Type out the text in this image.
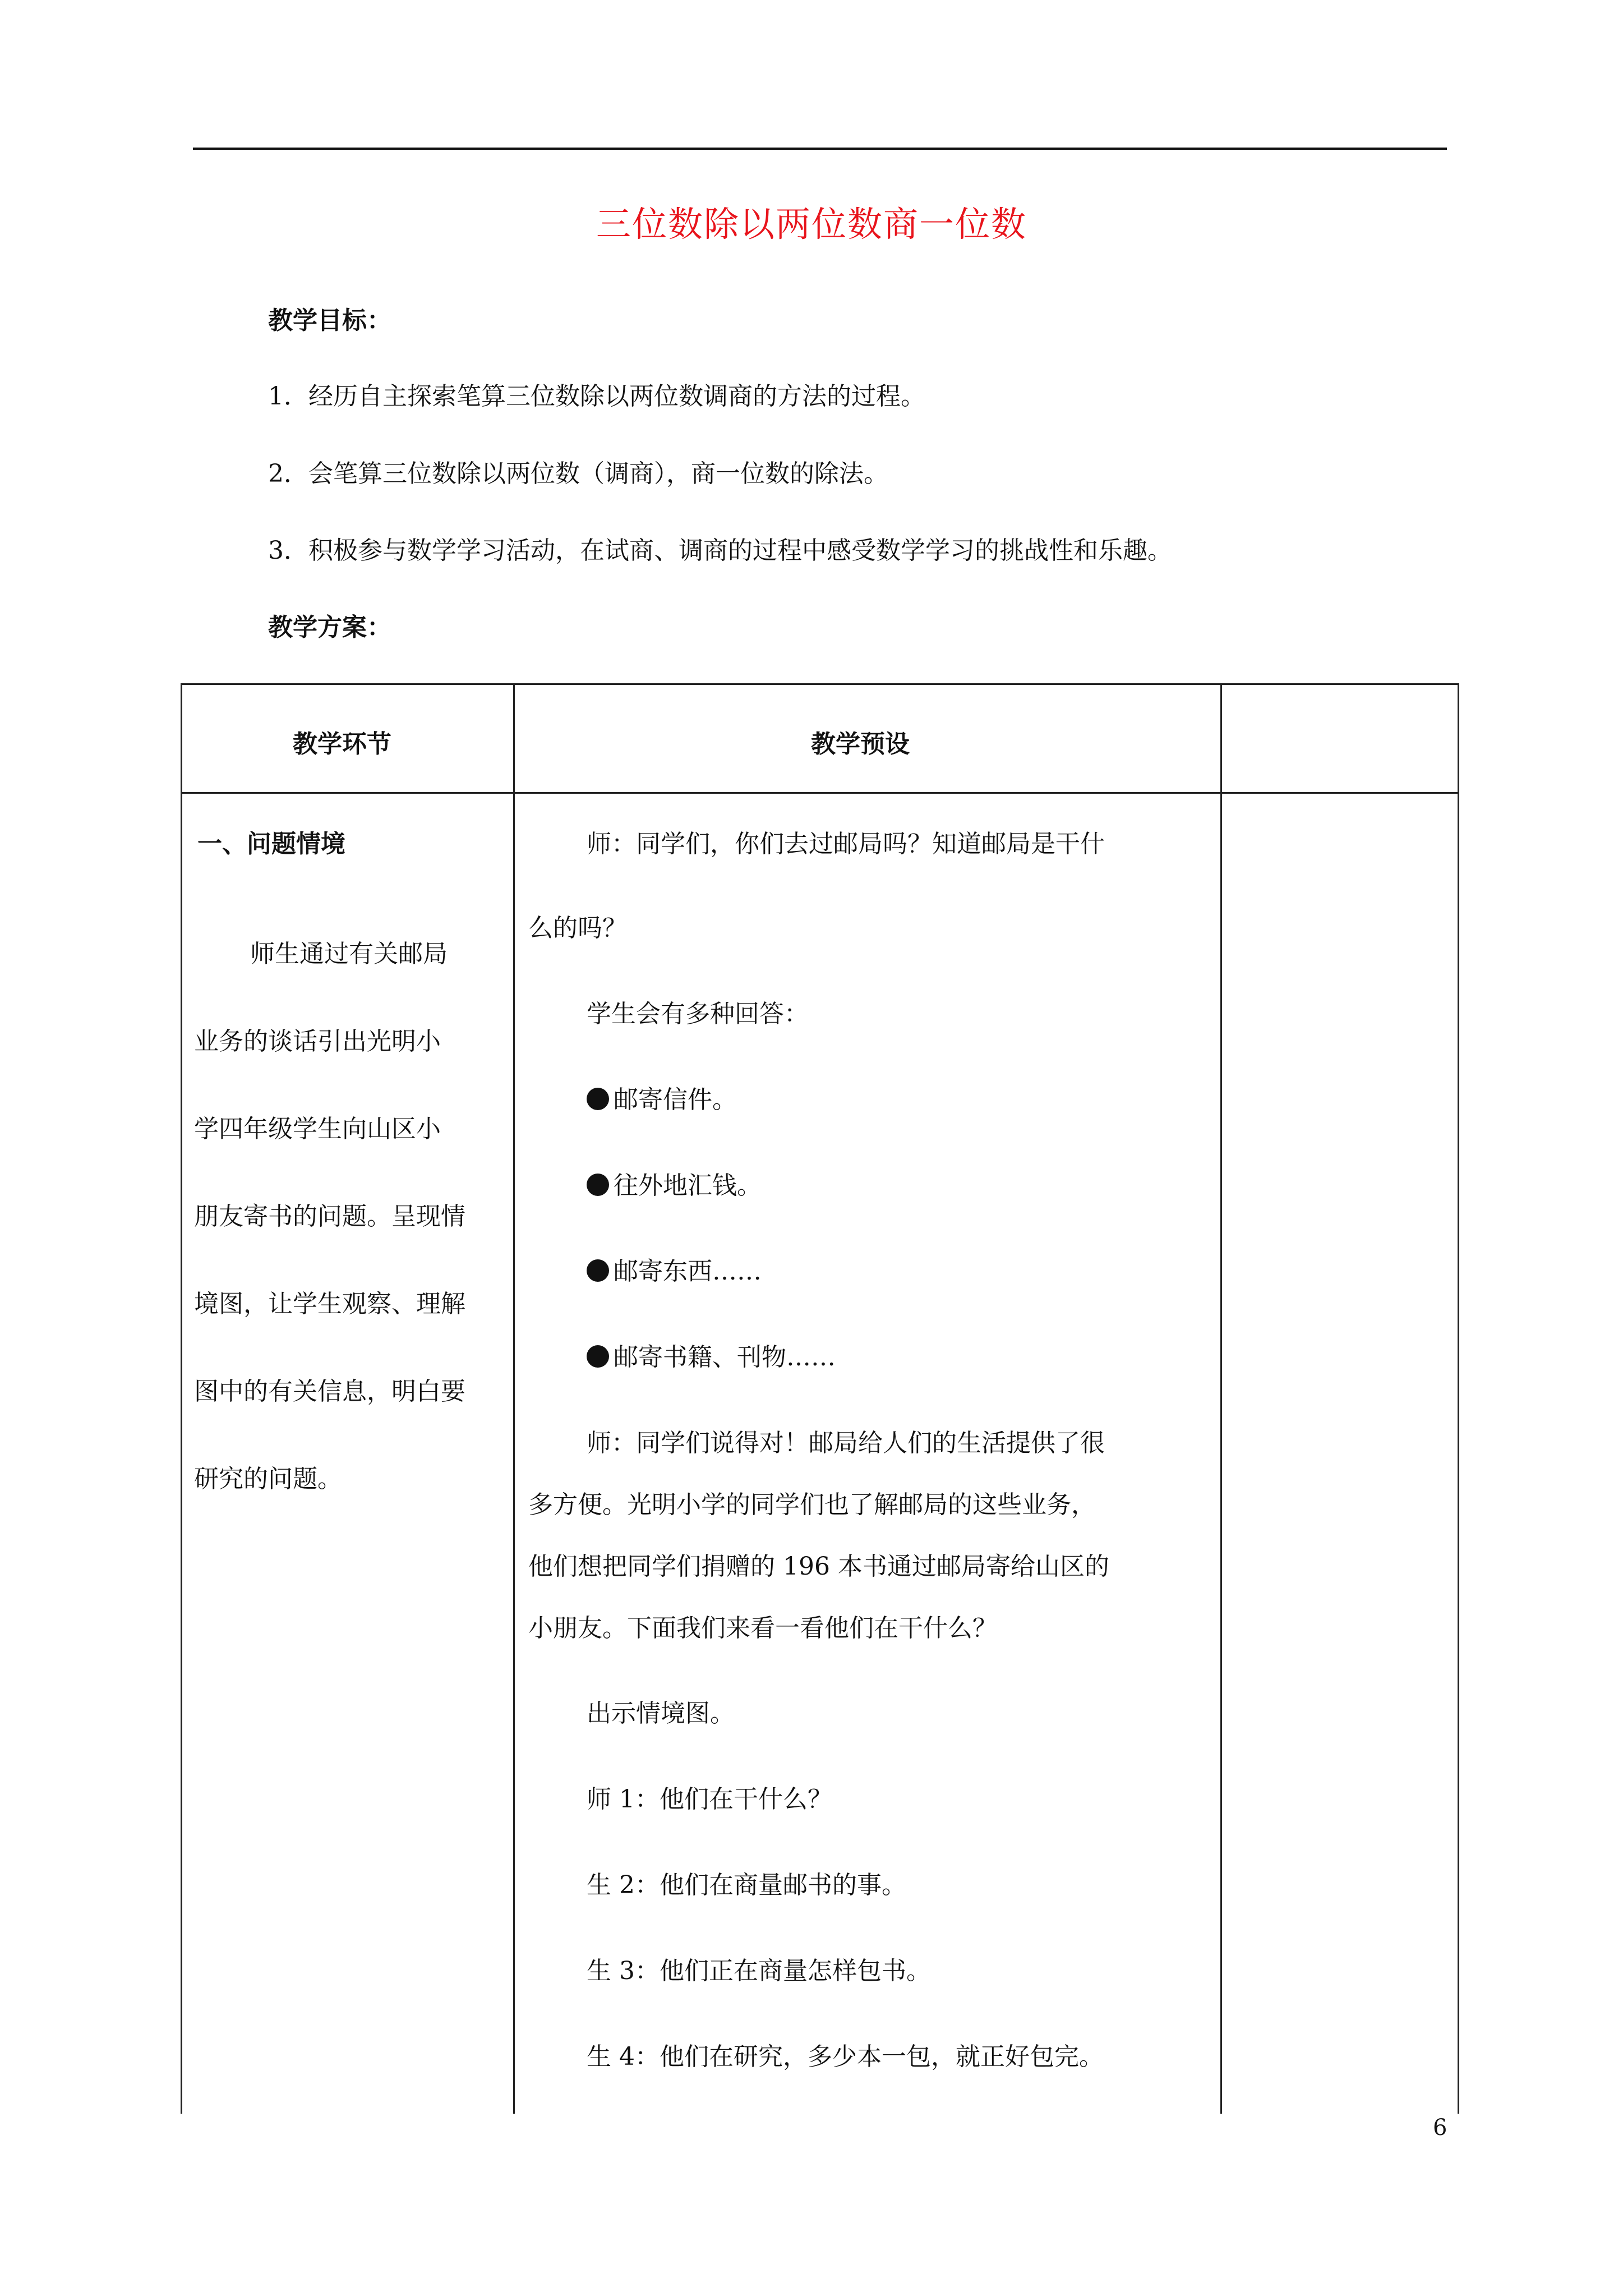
三位数除以两位数商一位数
教学目标：
1．经历自主探索笔算三位数除以两位数调商的方法的过程。
2．会笔算三位数除以两位数（调商），商一位数的除法。
3．积极参与数学学习活动，在试商、调商的过程中感受数学学习的挑战性和乐趣。
教学方案：
教学环节	教学预设
一、问题情境
师生通过有关邮局
业务的谈话引出光明小
学四年级学生向山区小
朋友寄书的问题。呈现情
境图，让学生观察、理解
图中的有关信息，明白要
研究的问题。
师：同学们，你们去过邮局吗？知道邮局是干什
么的吗？
学生会有多种回答：
邮寄信件。
往外地汇钱。
邮寄东西……
邮寄书籍、刊物……
师：同学们说得对！邮局给人们的生活提供了很
多方便。光明小学的同学们也了解邮局的这些业务，
他们想把同学们捐赠的 196 本书通过邮局寄给山区的
小朋友。下面我们来看一看他们在干什么？
出示情境图。
师 1：他们在干什么？
生 2：他们在商量邮书的事。
生 3：他们正在商量怎样包书。
生 4：他们在研究，多少本一包，就正好包完。
6
